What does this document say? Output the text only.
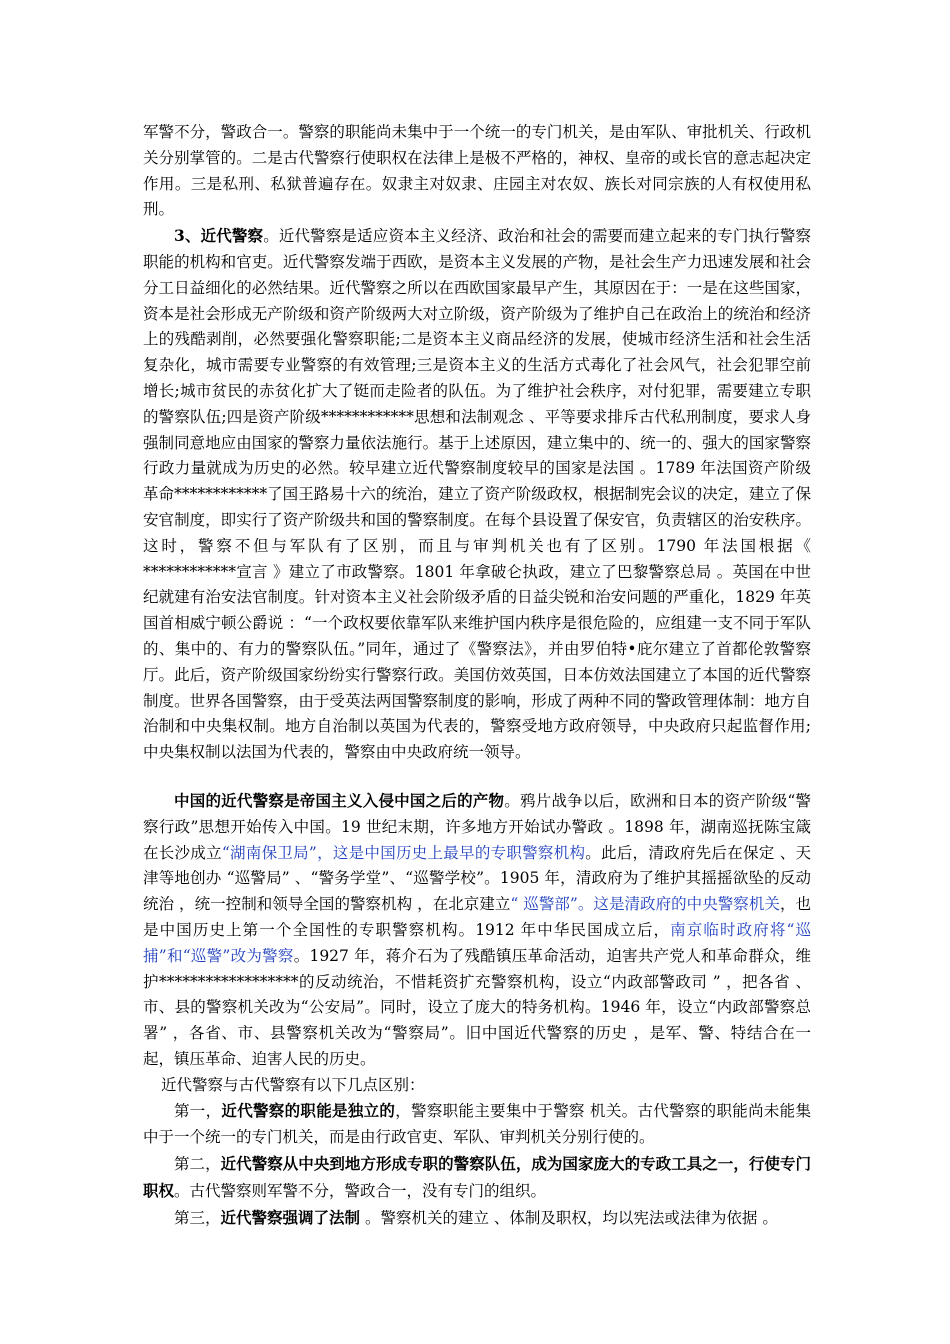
军警不分，警政合一。警察的职能尚未集中于一个统一的专门机关，是由军队、审批机关、行政机关分别掌管的。二是古代警察行使职权在法律上是极不严格的，神权、皇帝的或长官的意志起决定作用。三是私刑、私狱普遍存在。奴隶主对奴隶、庄园主对农奴、族长对同宗族的人有权使用私刑。

3、近代警察。近代警察是适应资本主义经济、政治和社会的需要而建立起来的专门执行警察职能的机构和官吏。近代警察发端于西欧，是资本主义发展的产物，是社会生产力迅速发展和社会分工日益细化的必然结果。近代警察之所以在西欧国家最早产生，其原因在于：一是在这些国家，资本是社会形成无产阶级和资产阶级两大对立阶级，资产阶级为了维护自己在政治上的统治和经济上的残酷剥削，必然要强化警察职能;二是资本主义商品经济的发展，使城市经济生活和社会生活复杂化，城市需要专业警察的有效管理;三是资本主义的生活方式毒化了社会风气，社会犯罪空前增长;城市贫民的赤贫化扩大了铤而走险者的队伍。为了维护社会秩序，对付犯罪，需要建立专职的警察队伍;四是资产阶级************思想和法制观念 、平等要求排斥古代私刑制度，要求人身强制同意地应由国家的警察力量依法施行。基于上述原因，建立集中的、统一的、强大的国家警察行政力量就成为历史的必然。较早建立近代警察制度较早的国家是法国 。1789 年法国资产阶级革命************了国王路易十六的统治，建立了资产阶级政权，根据制宪会议的决定，建立了保安官制度，即实行了资产阶级共和国的警察制度。在每个县设置了保安官，负责辖区的治安秩序。这时，警察不但与军队有了区别，而且与审判机关也有了区别。1790 年法国根据《 ************宣言 》建立了市政警察。1801 年拿破仑执政，建立了巴黎警察总局 。英国在中世纪就建有治安法官制度。针对资本主义社会阶级矛盾的日益尖锐和治安问题的严重化，1829 年英国首相威宁顿公爵说 ：“一个政权要依靠军队来维护国内秩序是很危险的，应组建一支不同于军队的、集中的、有力的警察队伍。”同年，通过了《警察法》，并由罗伯特•庇尔建立了首都伦敦警察厅。此后，资产阶级国家纷纷实行警察行政。美国仿效英国，日本仿效法国建立了本国的近代警察制度。世界各国警察，由于受英法两国警察制度的影响，形成了两种不同的警政管理体制：地方自治制和中央集权制。地方自治制以英国为代表的，警察受地方政府领导，中央政府只起监督作用;中央集权制以法国为代表的，警察由中央政府统一领导。

中国的近代警察是帝国主义入侵中国之后的产物。鸦片战争以后，欧洲和日本的资产阶级“警察行政”思想开始传入中国。19 世纪末期，许多地方开始试办警政 。1898 年，湖南巡抚陈宝箴在长沙成立“湖南保卫局”，这是中国历史上最早的专职警察机构。此后，清政府先后在保定 、天津等地创办 “巡警局” 、“警务学堂”、“巡警学校”。1905 年，清政府为了维护其摇摇欲坠的反动统治 ，统一控制和领导全国的警察机构 ，在北京建立“ 巡警部”。这是清政府的中央警察机关，也是中国历史上第一个全国性的专职警察机构。1912 年中华民国成立后，南京临时政府将“巡捕”和“巡警”改为警察。1927 年，蒋介石为了残酷镇压革命活动，迫害共产党人和革命群众，维护******************的反动统治，不惜耗资扩充警察机构，设立“内政部警政司 ” ，把各省 、市、县的警察机关改为“公安局”。同时，设立了庞大的特务机构。1946 年，设立“内政部警察总署” ，各省、市、县警察机关改为“警察局”。旧中国近代警察的历史 ，是军、警、特结合在一起，镇压革命、迫害人民的历史。

近代警察与古代警察有以下几点区别：

第一，近代警察的职能是独立的，警察职能主要集中于警察 机关。古代警察的职能尚未能集中于一个统一的专门机关，而是由行政官吏、军队、审判机关分别行使的。

第二，近代警察从中央到地方形成专职的警察队伍，成为国家庞大的专政工具之一，行使专门职权。古代警察则军警不分，警政合一，没有专门的组织。

第三，近代警察强调了法制 。警察机关的建立 、体制及职权，均以宪法或法律为依据 。
